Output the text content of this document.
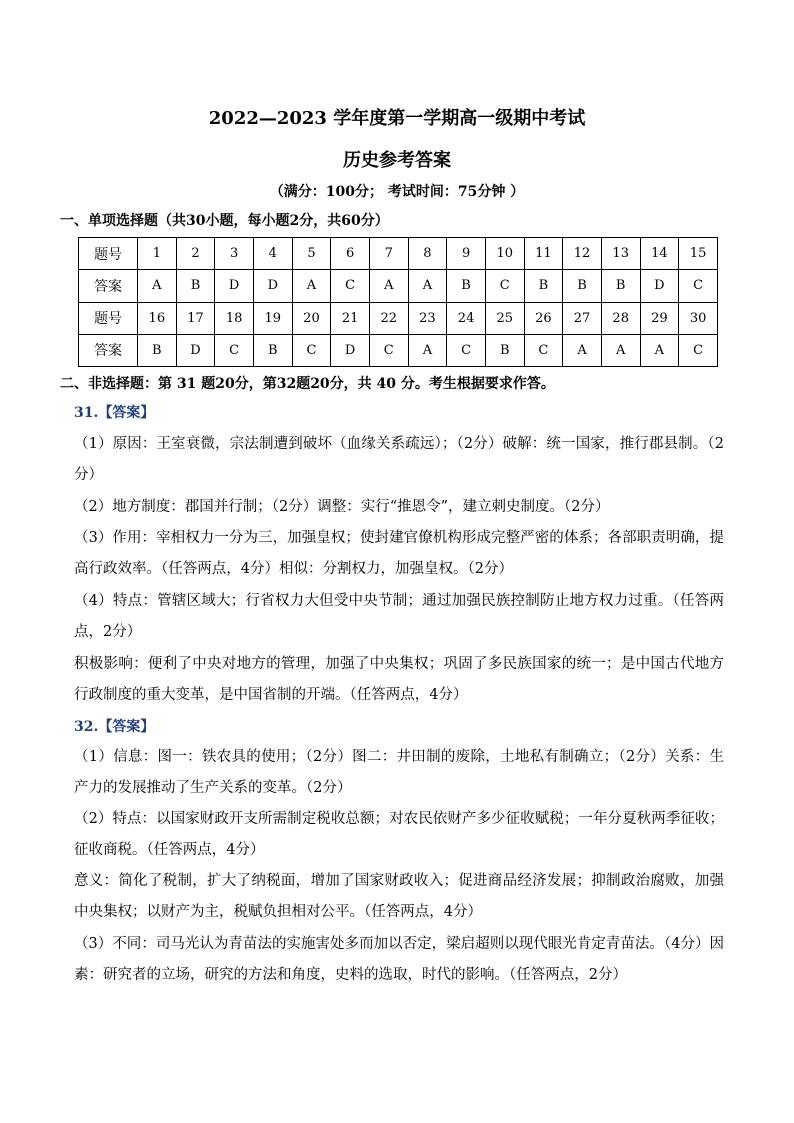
2022—2023 学年度第一学期高一级期中考试
历史参考答案
（满分：100分； 考试时间：75分钟 ）
一、单项选择题（共30小题，每小题2分，共60分）
题号	1	2	3	4	5	6	7	8	9	10	11	12	13	14	15
答案	A	B	D	D	A	C	A	A	B	C	B	B	B	D	C
题号	16	17	18	19	20	21	22	23	24	25	26	27	28	29	30
答案	B	D	C	B	C	D	C	A	C	B	C	A	A	A	C
二、非选择题：第 31 题20分，第32题20分，共 40 分。考生根据要求作答。
31.【答案】
（1）原因：王室衰微，宗法制遭到破坏（血缘关系疏远）；（2分）破解：统一国家，推行郡县制。（2分）
（2）地方制度：郡国并行制；（2分）调整：实行“推恩令”，建立刺史制度。（2分）
（3）作用：宰相权力一分为三，加强皇权；使封建官僚机构形成完整严密的体系；各部职责明确，提高行政效率。（任答两点，4分）相似：分割权力，加强皇权。（2分）
（4）特点：管辖区域大；行省权力大但受中央节制；通过加强民族控制防止地方权力过重。（任答两点，2分）
积极影响：便利了中央对地方的管理，加强了中央集权；巩固了多民族国家的统一；是中国古代地方行政制度的重大变革，是中国省制的开端。（任答两点，4分）
32.【答案】
（1）信息：图一：铁农具的使用；（2分）图二：井田制的废除，土地私有制确立；（2分）关系：生产力的发展推动了生产关系的变革。（2分）
（2）特点：以国家财政开支所需制定税收总额；对农民依财产多少征收赋税；一年分夏秋两季征收；征收商税。（任答两点，4分）
意义：简化了税制，扩大了纳税面，增加了国家财政收入；促进商品经济发展；抑制政治腐败，加强中央集权；以财产为主，税赋负担相对公平。（任答两点，4分）
（3）不同：司马光认为青苗法的实施害处多而加以否定，梁启超则以现代眼光肯定青苗法。（4分）因素：研究者的立场，研究的方法和角度，史料的选取，时代的影响。（任答两点，2分）
